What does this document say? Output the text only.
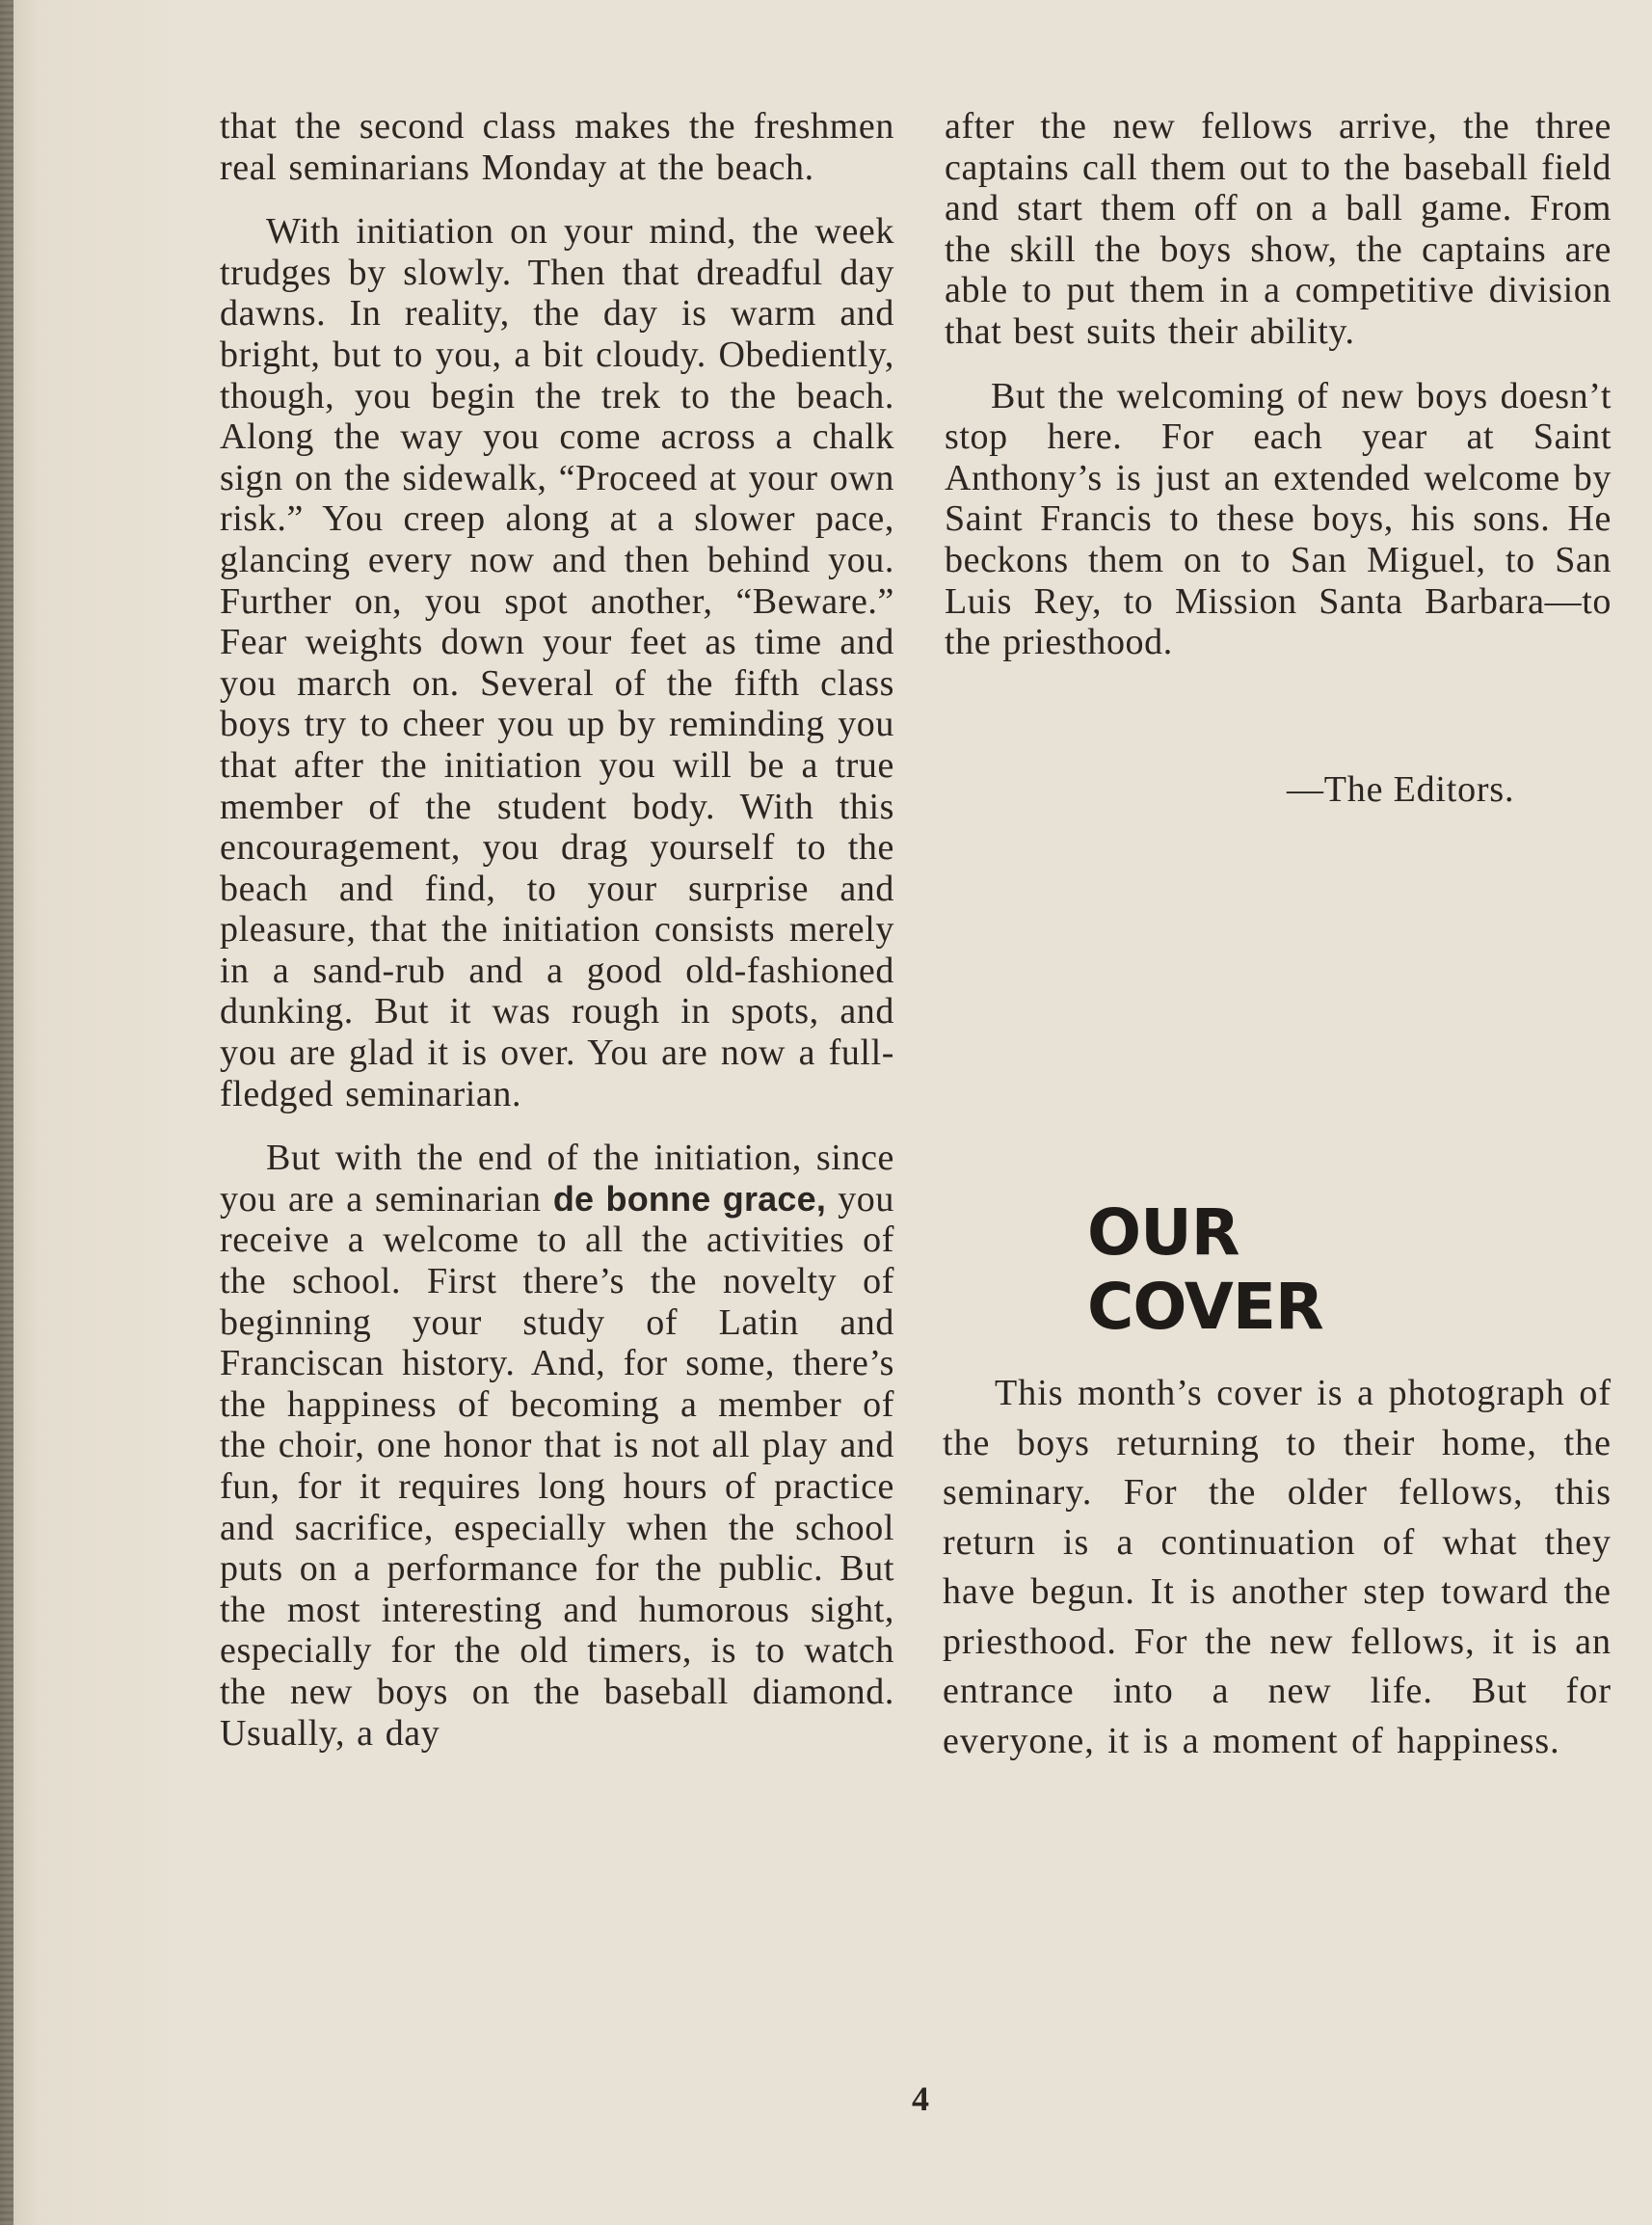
that the second class makes the freshmen real seminarians Monday at the beach.

With initiation on your mind, the week trudges by slowly. Then that dreadful day dawns. In reality, the day is warm and bright, but to you, a bit cloudy. Obediently, though, you begin the trek to the beach. Along the way you come across a chalk sign on the sidewalk, “Proceed at your own risk.” You creep along at a slower pace, glancing every now and then behind you. Further on, you spot another, “Beware.” Fear weights down your feet as time and you march on. Several of the fifth class boys try to cheer you up by reminding you that after the initiation you will be a true member of the student body. With this encouragement, you drag yourself to the beach and find, to your surprise and pleasure, that the initiation consists merely in a sand-rub and a good old-fashioned dunking. But it was rough in spots, and you are glad it is over. You are now a full-fledged seminarian.

But with the end of the initiation, since you are a seminarian de bonne grace, you receive a welcome to all the activities of the school. First there’s the novelty of beginning your study of Latin and Franciscan history. And, for some, there’s the happiness of becoming a member of the choir, one honor that is not all play and fun, for it requires long hours of practice and sacrifice, especially when the school puts on a performance for the public. But the most interesting and humorous sight, especially for the old timers, is to watch the new boys on the baseball diamond. Usually, a day

after the new fellows arrive, the three captains call them out to the baseball field and start them off on a ball game. From the skill the boys show, the captains are able to put them in a competitive division that best suits their ability.

But the welcoming of new boys doesn’t stop here. For each year at Saint Anthony’s is just an extended welcome by Saint Francis to these boys, his sons. He beckons them on to San Miguel, to San Luis Rey, to Mission Santa Barbara—to the priesthood.

—The Editors.
OUR COVER

This month’s cover is a photograph of the boys returning to their home, the seminary. For the older fellows, this return is a continuation of what they have begun. It is another step toward the priesthood. For the new fellows, it is an entrance into a new life. But for everyone, it is a moment of happiness.

4
